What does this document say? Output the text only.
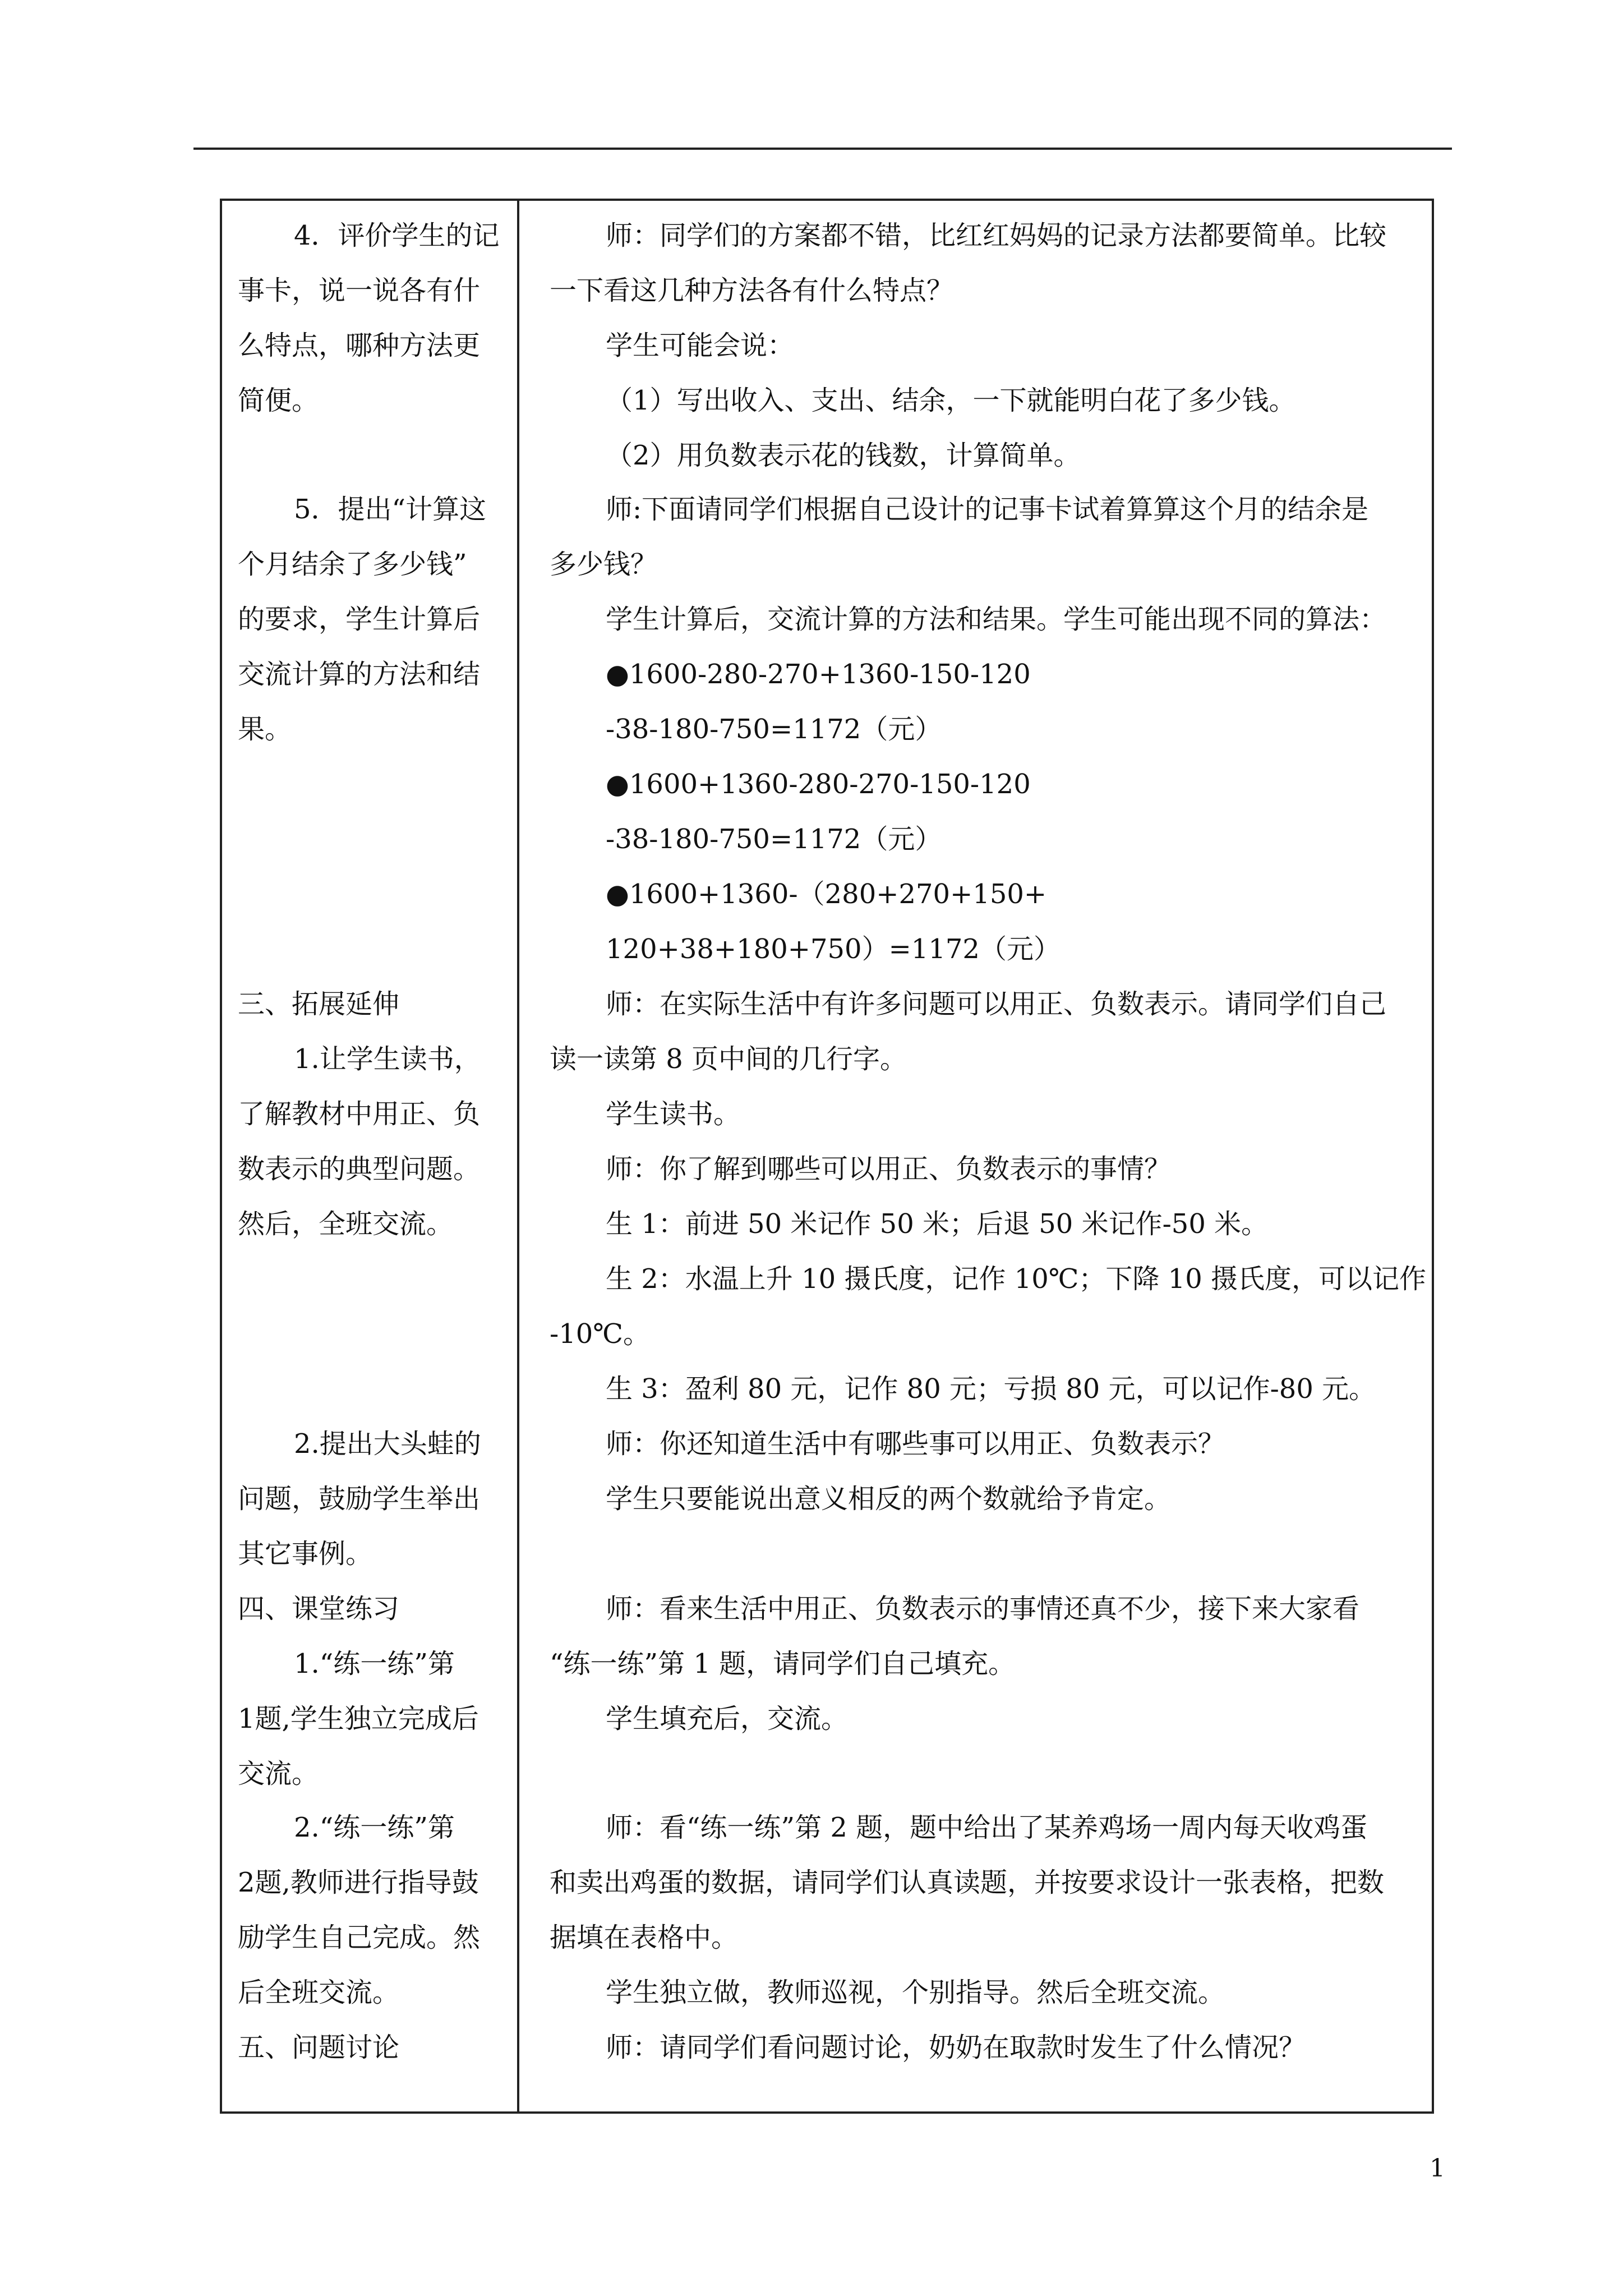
4．评价学生的记
事卡，说一说各有什
么特点，哪种方法更
简便。
5．提出“计算这
个月结余了多少钱”
的要求，学生计算后
交流计算的方法和结
果。
三、拓展延伸
1.让学生读书，
了解教材中用正、负
数表示的典型问题。
然后，全班交流。
2.提出大头蛙的
问题，鼓励学生举出
其它事例。
四、课堂练习
1.“练一练”第
1题,学生独立完成后
交流。
2.“练一练”第
2题,教师进行指导鼓
励学生自己完成。然
后全班交流。
五、问题讨论
师：同学们的方案都不错，比红红妈妈的记录方法都要简单。比较
一下看这几种方法各有什么特点？
学生可能会说：
（1）写出收入、支出、结余，一下就能明白花了多少钱。
（2）用负数表示花的钱数，计算简单。
师:下面请同学们根据自己设计的记事卡试着算算这个月的结余是
多少钱？
学生计算后，交流计算的方法和结果。学生可能出现不同的算法：
●1600-280-270+1360-150-120
-38-180-750=1172（元）
●1600+1360-280-270-150-120
-38-180-750=1172（元）
●1600+1360-（280+270+150+
120+38+180+750）=1172（元）
师：在实际生活中有许多问题可以用正、负数表示。请同学们自己
读一读第 8 页中间的几行字。
学生读书。
师：你了解到哪些可以用正、负数表示的事情？
生 1：前进 50 米记作 50 米；后退 50 米记作-50 米。
生 2：水温上升 10 摄氏度，记作 10℃；下降 10 摄氏度，可以记作
-10℃。
生 3：盈利 80 元，记作 80 元；亏损 80 元，可以记作-80 元。
师：你还知道生活中有哪些事可以用正、负数表示？
学生只要能说出意义相反的两个数就给予肯定。
师：看来生活中用正、负数表示的事情还真不少，接下来大家看
“练一练”第 1 题，请同学们自己填充。
学生填充后，交流。
师：看“练一练”第 2 题，题中给出了某养鸡场一周内每天收鸡蛋
和卖出鸡蛋的数据，请同学们认真读题，并按要求设计一张表格，把数
据填在表格中。
学生独立做，教师巡视，个别指导。然后全班交流。
师：请同学们看问题讨论，奶奶在取款时发生了什么情况？
1
